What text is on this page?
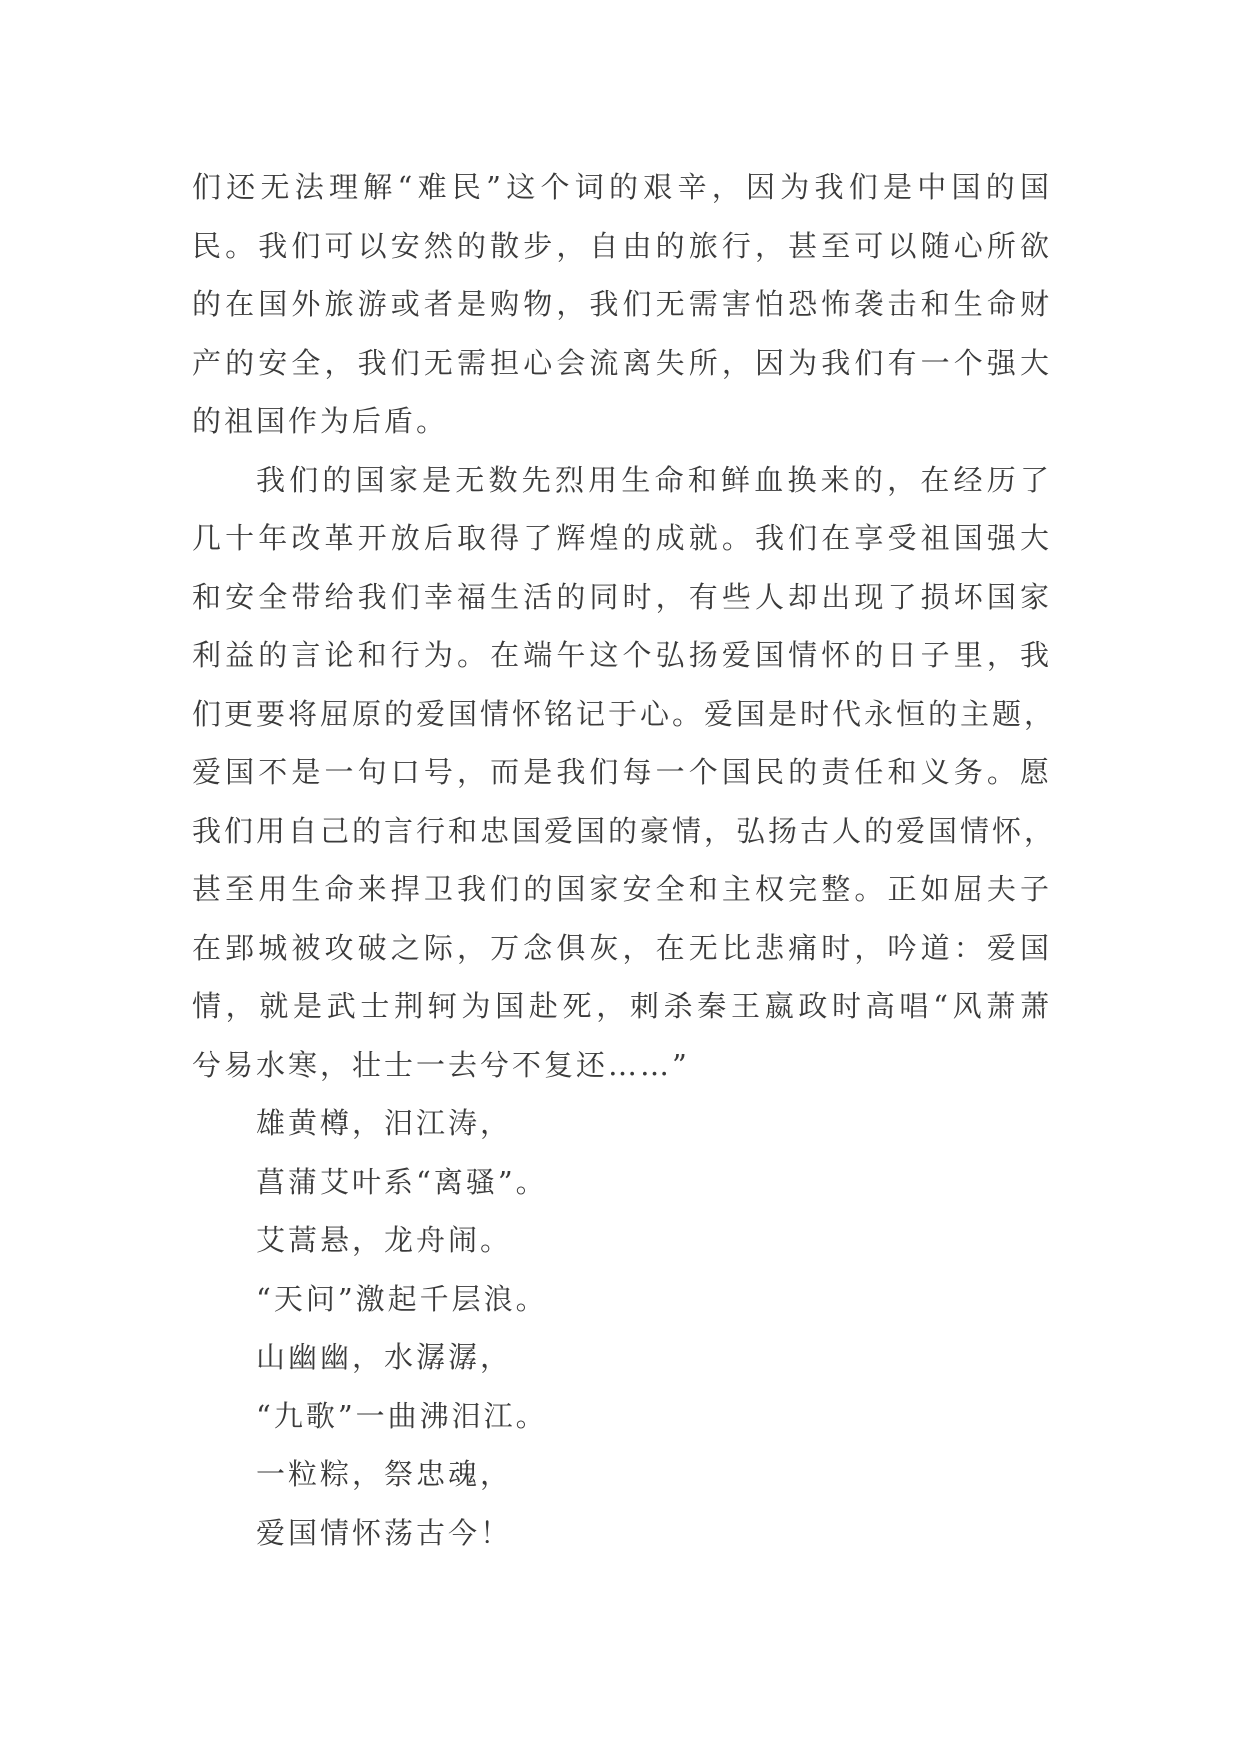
们还无法理解“难民”这个词的艰辛，因为我们是中国的国
民。我们可以安然的散步，自由的旅行，甚至可以随心所欲
的在国外旅游或者是购物，我们无需害怕恐怖袭击和生命财
产的安全，我们无需担心会流离失所，因为我们有一个强大
的祖国作为后盾。
我们的国家是无数先烈用生命和鲜血换来的，在经历了
几十年改革开放后取得了辉煌的成就。我们在享受祖国强大
和安全带给我们幸福生活的同时，有些人却出现了损坏国家
利益的言论和行为。在端午这个弘扬爱国情怀的日子里，我
们更要将屈原的爱国情怀铭记于心。爱国是时代永恒的主题，
爱国不是一句口号，而是我们每一个国民的责任和义务。愿
我们用自己的言行和忠国爱国的豪情，弘扬古人的爱国情怀，
甚至用生命来捍卫我们的国家安全和主权完整。正如屈夫子
在郢城被攻破之际，万念俱灰，在无比悲痛时，吟道：爱国
情，就是武士荆轲为国赴死，刺杀秦王嬴政时高唱“风萧萧
兮易水寒，壮士一去兮不复还……”
雄黄樽，汨江涛，
菖蒲艾叶系“离骚”。
艾蒿悬，龙舟闹。
“天问”激起千层浪。
山幽幽，水潺潺，
“九歌”一曲沸汨江。
一粒粽，祭忠魂，
爱国情怀荡古今！
